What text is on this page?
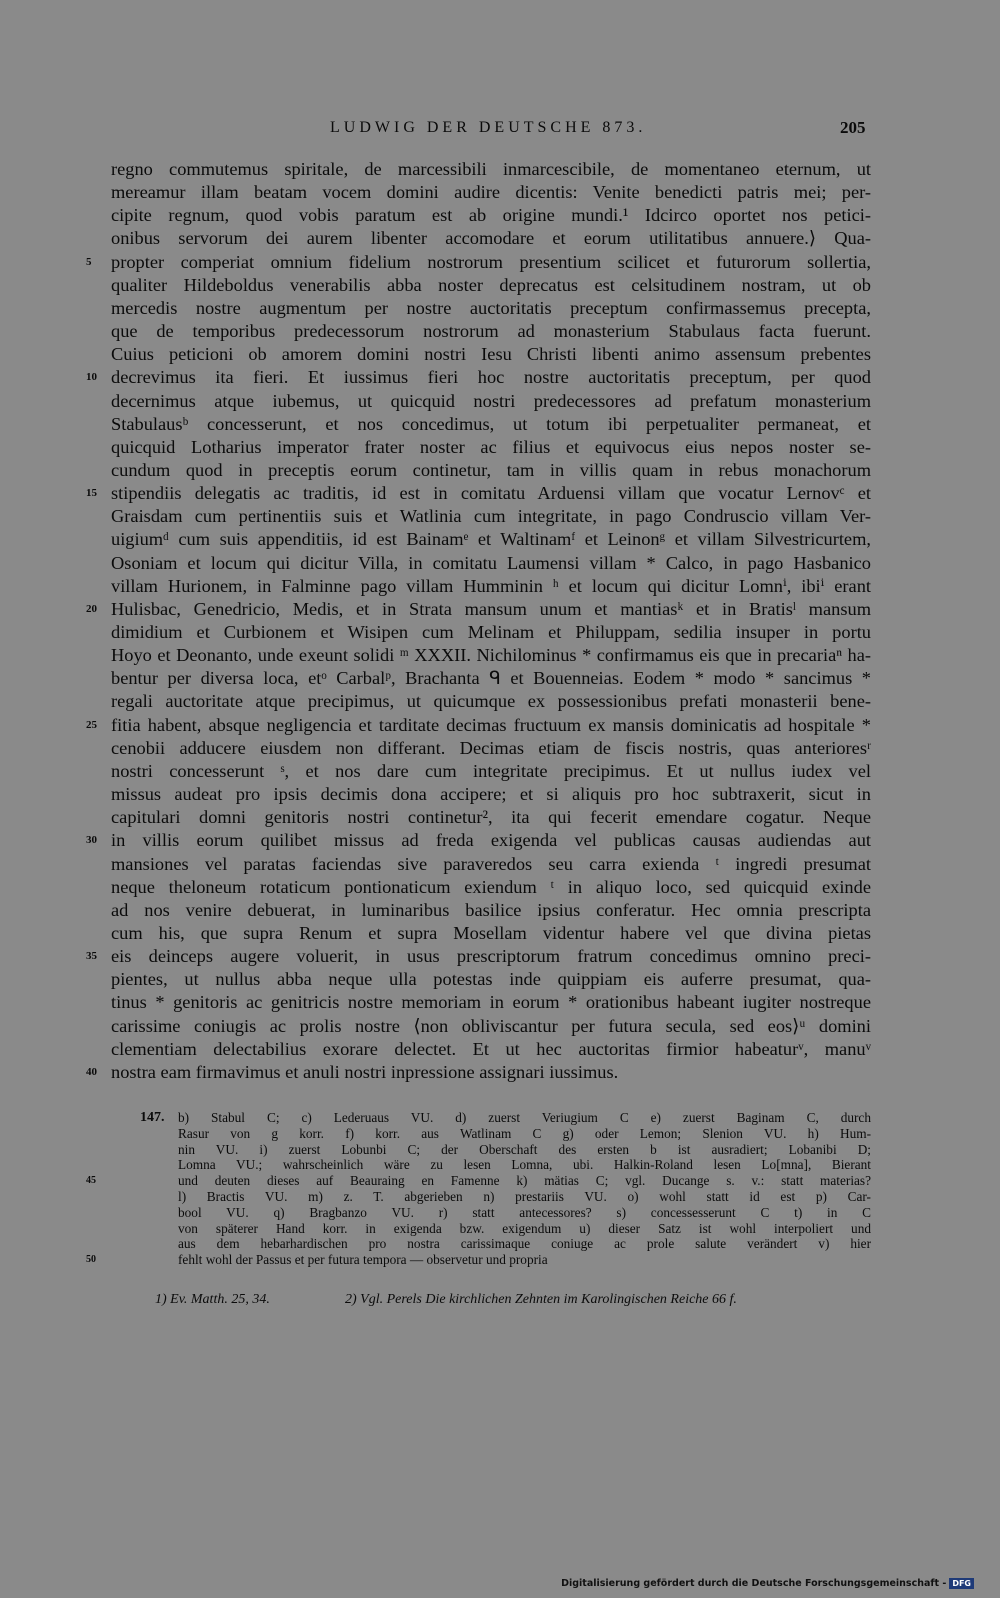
LUDWIG DER DEUTSCHE 873.	205
regno commutemus spiritale, de marcessibili inmarcescibile, de momentaneo eternum, ut
mereamur illam beatam vocem domini audire dicentis: Venite benedicti patris mei; per-
cipite regnum, quod vobis paratum est ab origine mundi.¹ Idcirco oportet nos petici-
onibus servorum dei aurem libenter accomodare et eorum utilitatibus annuere.⟩ Qua-
propter comperiat omnium fidelium nostrorum presentium scilicet et futurorum sollertia,
qualiter Hildeboldus venerabilis abba noster deprecatus est celsitudinem nostram, ut ob
mercedis nostre augmentum per nostre auctoritatis preceptum confirmassemus precepta,
que de temporibus predecessorum nostrorum ad monasterium Stabulaus facta fuerunt.
Cuius peticioni ob amorem domini nostri Iesu Christi libenti animo assensum prebentes
decrevimus ita fieri. Et iussimus fieri hoc nostre auctoritatis preceptum, per quod
decernimus atque iubemus, ut quicquid nostri predecessores ad prefatum monasterium
Stabulausᵇ concesserunt, et nos concedimus, ut totum ibi perpetualiter permaneat, et
quicquid Lotharius imperator frater noster ac filius et equivocus eius nepos noster se-
cundum quod in preceptis eorum continetur, tam in villis quam in rebus monachorum
stipendiis delegatis ac traditis, id est in comitatu Arduensi villam que vocatur Lernovᶜ et
Graisdam cum pertinentiis suis et Watlinia cum integritate, in pago Condruscio villam Ver-
uigiumᵈ cum suis appenditiis, id est Bainamᵉ et Waltinamᶠ et Leinonᵍ et villam Silvestricurtem,
Osoniam et locum qui dicitur Villa, in comitatu Laumensi villam * Calco, in pago Hasbanico
villam Hurionem, in Falminne pago villam Humminin ʰ et locum qui dicitur Lomnⁱ, ibiⁱ erant
Hulisbac, Genedricio, Medis, et in Strata mansum unum et mantiasᵏ et in Bratisˡ mansum
dimidium et Curbionem et Wisipen cum Melinam et Philuppam, sedilia insuper in portu
Hoyo et Deonanto, unde exeunt solidi ᵐ XXXII. Nichilominus * confirmamus eis que in precariaⁿ ha-
bentur per diversa loca, etᵒ Carbalᵖ, Brachanta ᑫ et Bouenneias. Eodem * modo * sancimus *
regali auctoritate atque precipimus, ut quicumque ex possessionibus prefati monasterii bene-
fitia habent, absque negligencia et tarditate decimas fructuum ex mansis dominicatis ad hospitale *
cenobii adducere eiusdem non differant. Decimas etiam de fiscis nostris, quas anterioresʳ
nostri concesserunt ˢ, et nos dare cum integritate precipimus. Et ut nullus iudex vel
missus audeat pro ipsis decimis dona accipere; et si aliquis pro hoc subtraxerit, sicut in
capitulari domni genitoris nostri continetur², ita qui fecerit emendare cogatur. Neque
in villis eorum quilibet missus ad freda exigenda vel publicas causas audiendas aut
mansiones vel paratas faciendas sive paraveredos seu carra exienda ᵗ ingredi presumat
neque theloneum rotaticum pontionaticum exiendum ᵗ in aliquo loco, sed quicquid exinde
ad nos venire debuerat, in luminaribus basilice ipsius conferatur. Hec omnia prescripta
cum his, que supra Renum et supra Mosellam videntur habere vel que divina pietas
eis deinceps augere voluerit, in usus prescriptorum fratrum concedimus omnino preci-
pientes, ut nullus abba neque ulla potestas inde quippiam eis auferre presumat, qua-
tinus * genitoris ac genitricis nostre memoriam in eorum * orationibus habeant iugiter nostreque
carissime coniugis ac prolis nostre ⟨non obliviscantur per futura secula, sed eos⟩ᵘ domini
clementiam delectabilius exorare delectet. Et ut hec auctoritas firmior habeaturᵛ, manuᵛ
nostra eam firmavimus et anuli nostri inpressione assignari iussimus.
5
10
15
20
25
30
35
40
147. b) Stabul C; c) Lederuaus VU. d) zuerst Veriugium C e) zuerst Baginam C, durch
Rasur von g korr. f) korr. aus Watlinam C g) oder Lemon; Slenion VU. h) Hum-
nin VU. i) zuerst Lobunbi C; der Oberschaft des ersten b ist ausradiert; Lobanibi D;
Lomna VU.; wahrscheinlich wäre zu lesen Lomna, ubi. Halkin-Roland lesen Lo[mna], Bierant
und deuten dieses auf Beauraing en Famenne k) mätias C; vgl. Ducange s. v.: statt materias?
l) Bractis VU. m) z. T. abgerieben n) prestariis VU. o) wohl statt id est p) Car-
bool VU. q) Bragbanzo VU. r) statt antecessores? s) concessesserunt C t) in C
von späterer Hand korr. in exigenda bzw. exigendum u) dieser Satz ist wohl interpoliert und
aus dem hebarhardischen pro nostra carissimaque coniuge ac prole salute verändert v) hier
fehlt wohl der Passus et per futura tempora — observetur und propria
45
50
1) Ev. Matth. 25, 34.	2) Vgl. Perels Die kirchlichen Zehnten im Karolingischen Reiche 66 f.
Digitalisierung gefördert durch die Deutsche Forschungsgemeinschaft - DFG
